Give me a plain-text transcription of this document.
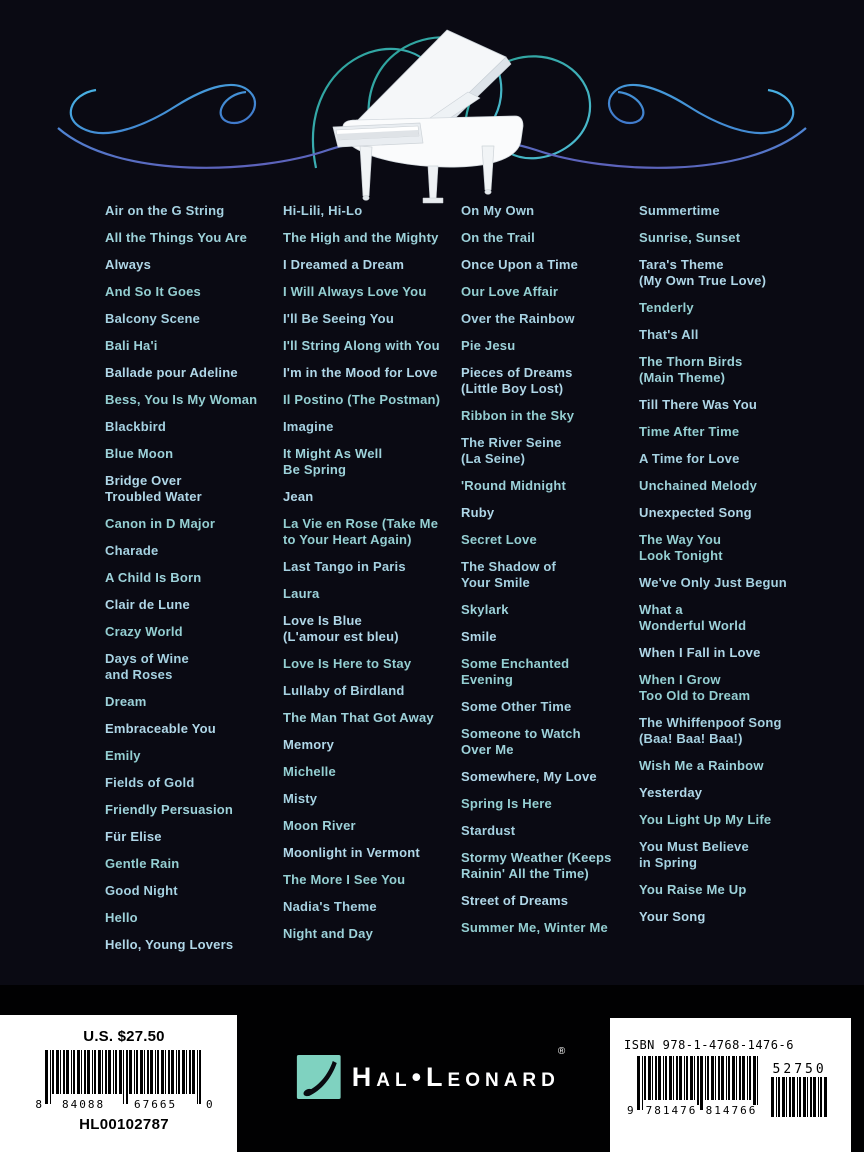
Air on the G String
All the Things You Are
Always
And So It Goes
Balcony Scene
Bali Ha'i
Ballade pour Adeline
Bess, You Is My Woman
Blackbird
Blue Moon
Bridge Over
Troubled Water
Canon in D Major
Charade
A Child Is Born
Clair de Lune
Crazy World
Days of Wine
and Roses
Dream
Embraceable You
Emily
Fields of Gold
Friendly Persuasion
Für Elise
Gentle Rain
Good Night
Hello
Hello, Young Lovers
Hi-Lili, Hi-Lo
The High and the Mighty
I Dreamed a Dream
I Will Always Love You
I'll Be Seeing You
I'll String Along with You
I'm in the Mood for Love
Il Postino (The Postman)
Imagine
It Might As Well
Be Spring
Jean
La Vie en Rose (Take Me
to Your Heart Again)
Last Tango in Paris
Laura
Love Is Blue
(L'amour est bleu)
Love Is Here to Stay
Lullaby of Birdland
The Man That Got Away
Memory
Michelle
Misty
Moon River
Moonlight in Vermont
The More I See You
Nadia's Theme
Night and Day
On My Own
On the Trail
Once Upon a Time
Our Love Affair
Over the Rainbow
Pie Jesu
Pieces of Dreams
(Little Boy Lost)
Ribbon in the Sky
The River Seine
(La Seine)
'Round Midnight
Ruby
Secret Love
The Shadow of
Your Smile
Skylark
Smile
Some Enchanted
Evening
Some Other Time
Someone to Watch
Over Me
Somewhere, My Love
Spring Is Here
Stardust
Stormy Weather (Keeps
Rainin' All the Time)
Street of Dreams
Summer Me, Winter Me
Summertime
Sunrise, Sunset
Tara's Theme
(My Own True Love)
Tenderly
That's All
The Thorn Birds
(Main Theme)
Till There Was You
Time After Time
A Time for Love
Unchained Melody
Unexpected Song
The Way You
Look Tonight
We've Only Just Begun
What a
Wonderful World
When I Fall in Love
When I Grow
Too Old to Dream
The Whiffenpoof Song
(Baa! Baa! Baa!)
Wish Me a Rainbow
Yesterday
You Light Up My Life
You Must Believe
in Spring
You Raise Me Up
Your Song
U.S. $27.50
8 84088	67665	0
HL00102787
Hal•Leonard®	ISBN 978-1-4768-1476-6
9 781476 814766
52750
